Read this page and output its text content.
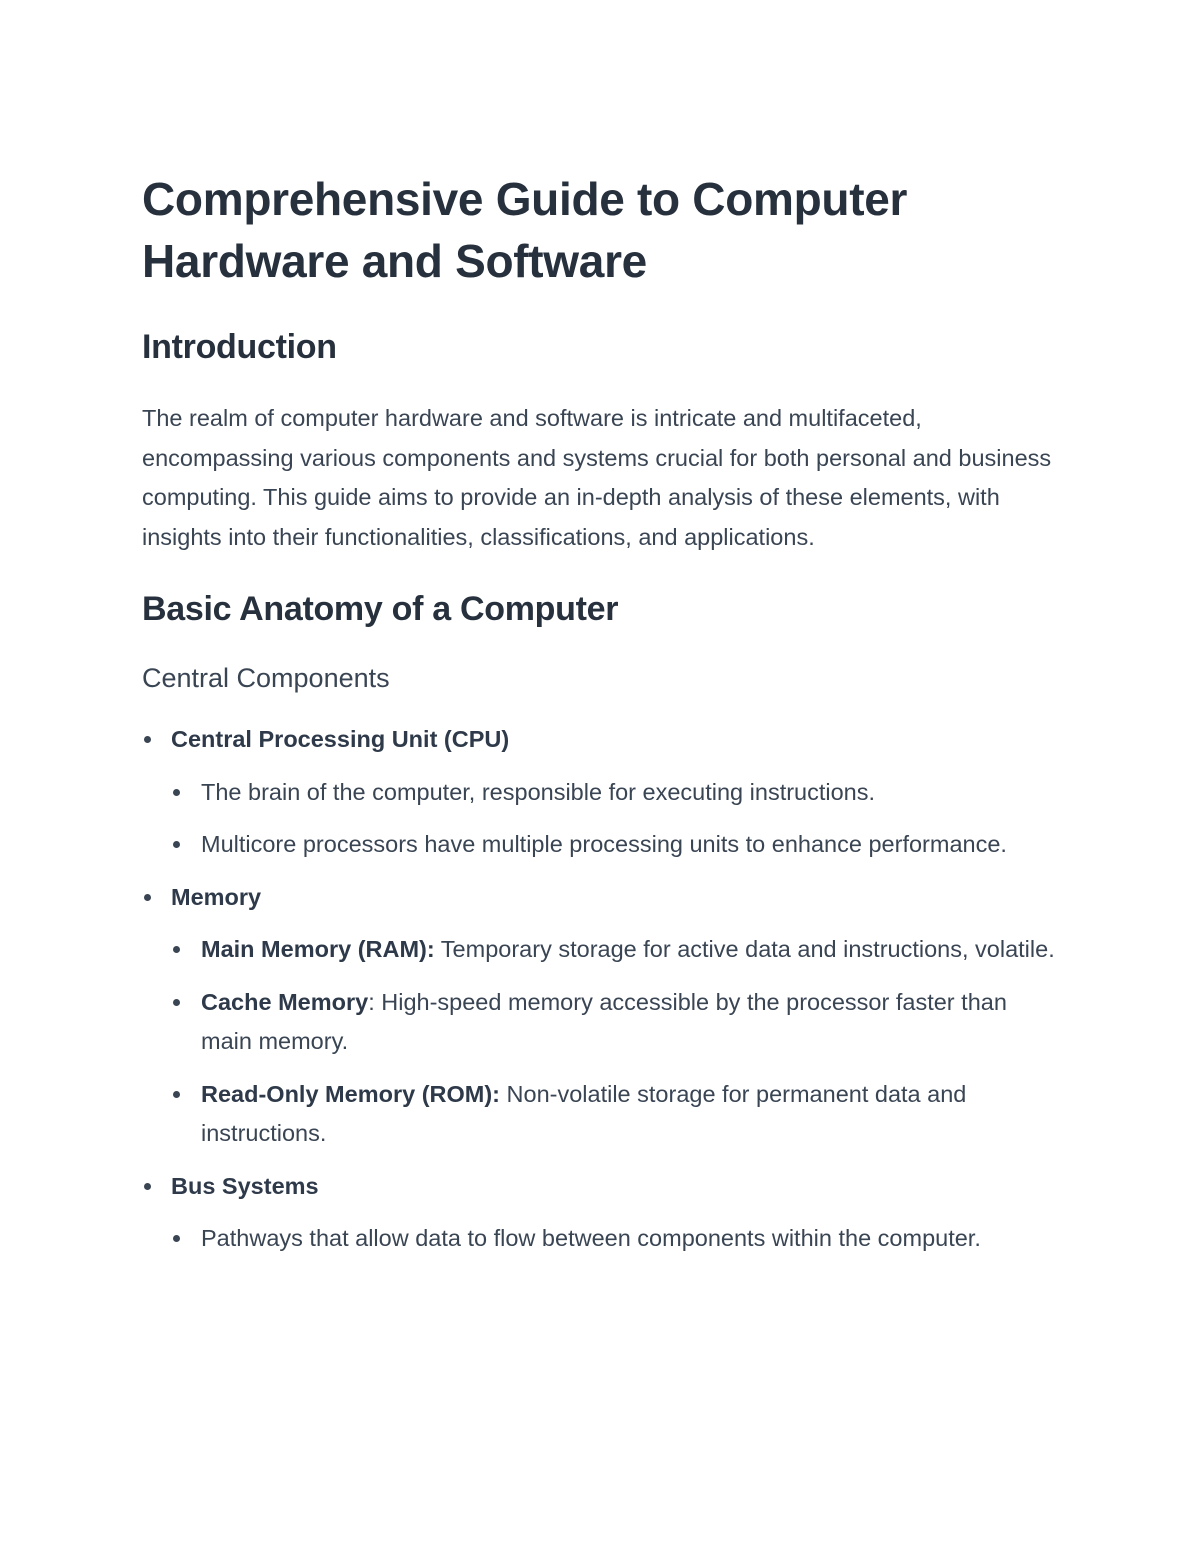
Comprehensive Guide to Computer Hardware and Software
Introduction

The realm of computer hardware and software is intricate and multifaceted, encompassing various components and systems crucial for both personal and business computing. This guide aims to provide an in-depth analysis of these elements, with insights into their functionalities, classifications, and applications.

Basic Anatomy of a Computer
Central Components
Central Processing Unit (CPU)
The brain of the computer, responsible for executing instructions.
Multicore processors have multiple processing units to enhance performance.
Memory
Main Memory (RAM): Temporary storage for active data and instructions, volatile.
Cache Memory: High-speed memory accessible by the processor faster than main memory.
Read-Only Memory (ROM): Non-volatile storage for permanent data and instructions.
Bus Systems
Pathways that allow data to flow between components within the computer.
